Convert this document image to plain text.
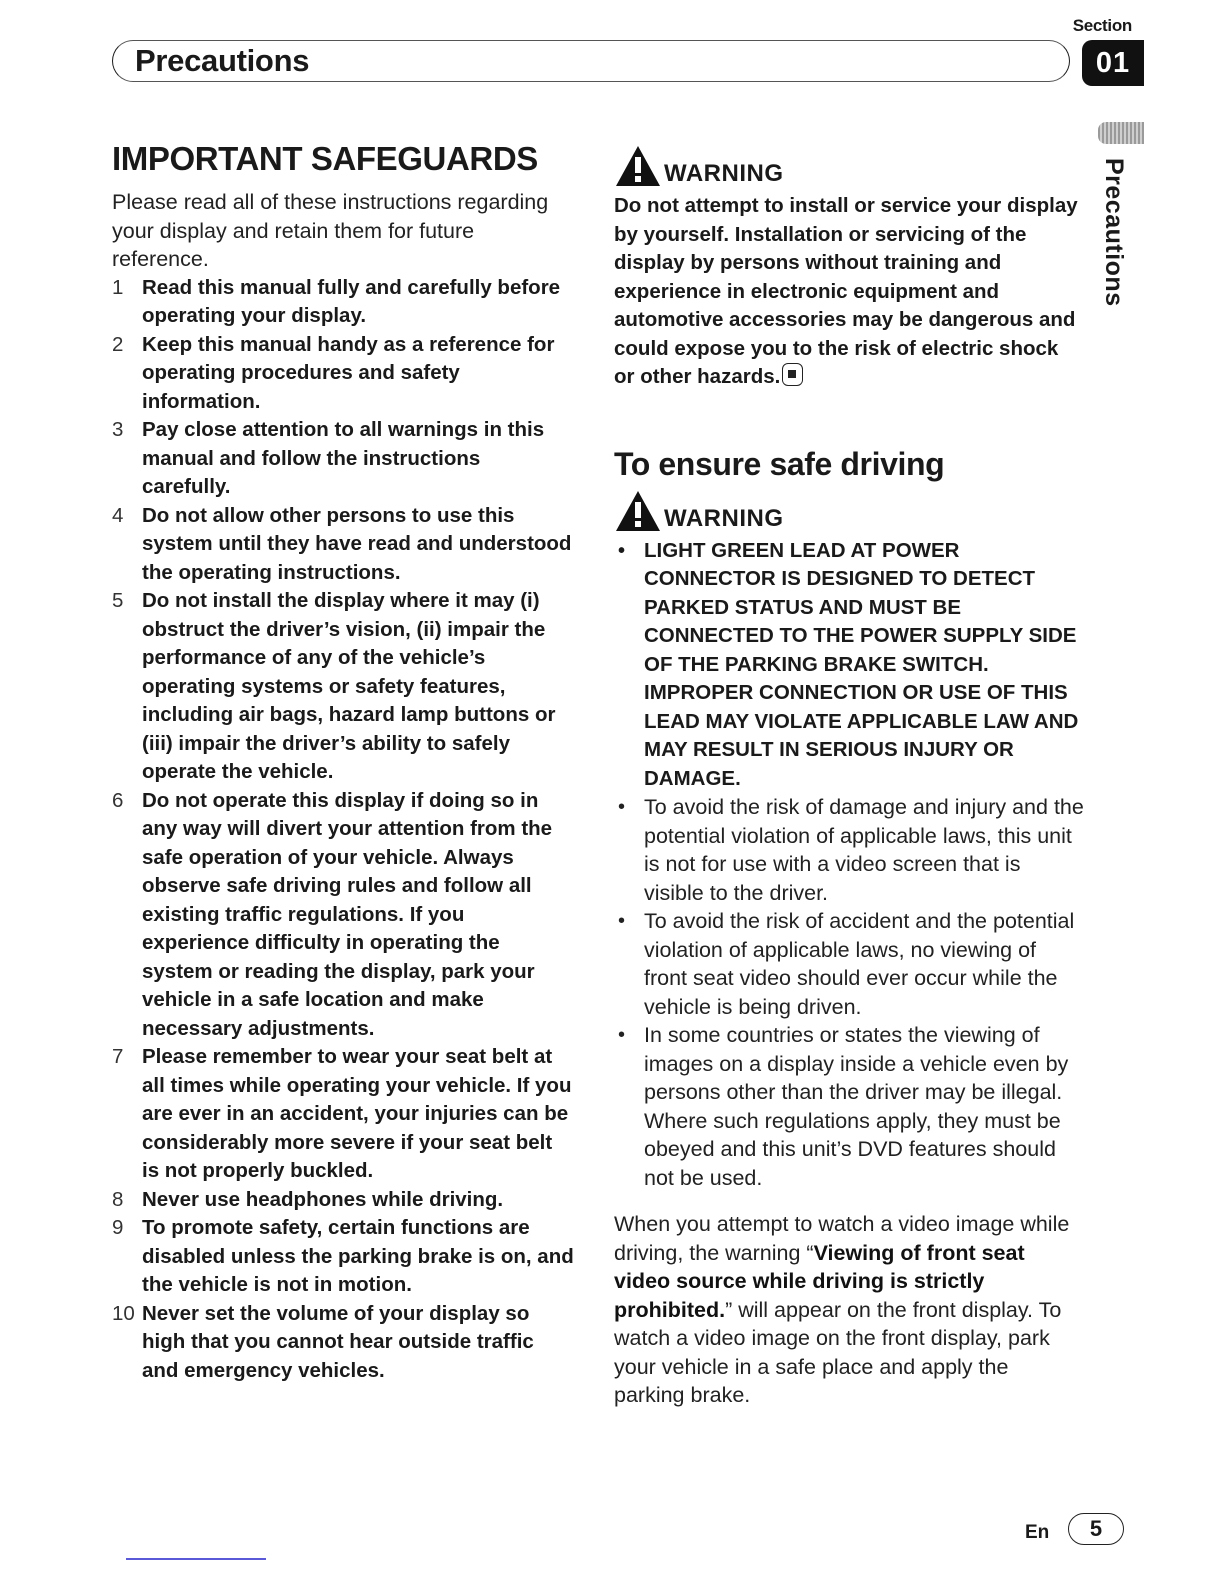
Section
Precautions	01
Precautions
IMPORTANT SAFEGUARDS

Please read all of these instructions regarding your display and retain them for future reference.

1 Read this manual fully and carefully before operating your display.
2 Keep this manual handy as a reference for operating procedures and safety information.
3 Pay close attention to all warnings in this manual and follow the instructions carefully.
4 Do not allow other persons to use this system until they have read and understood the operating instructions.
5 Do not install the display where it may (i) obstruct the driver’s vision, (ii) impair the performance of any of the vehicle’s operating systems or safety features, including air bags, hazard lamp buttons or (iii) impair the driver’s ability to safely operate the vehicle.
6 Do not operate this display if doing so in any way will divert your attention from the safe operation of your vehicle. Always observe safe driving rules and follow all existing traffic regulations. If you experience difficulty in operating the system or reading the display, park your vehicle in a safe location and make necessary adjustments.
7 Please remember to wear your seat belt at all times while operating your vehicle. If you are ever in an accident, your injuries can be considerably more severe if your seat belt is not properly buckled.
8 Never use headphones while driving.
9 To promote safety, certain functions are disabled unless the parking brake is on, and the vehicle is not in motion.
10 Never set the volume of your display so high that you cannot hear outside traffic and emergency vehicles.
WARNING

Do not attempt to install or service your display by yourself. Installation or servicing of the display by persons without training and experience in electronic equipment and automotive accessories may be dangerous and could expose you to the risk of electric shock or other hazards.

To ensure safe driving
WARNING
• LIGHT GREEN LEAD AT POWER CONNECTOR IS DESIGNED TO DETECT PARKED STATUS AND MUST BE CONNECTED TO THE POWER SUPPLY SIDE OF THE PARKING BRAKE SWITCH. IMPROPER CONNECTION OR USE OF THIS LEAD MAY VIOLATE APPLICABLE LAW AND MAY RESULT IN SERIOUS INJURY OR DAMAGE.
• To avoid the risk of damage and injury and the potential violation of applicable laws, this unit is not for use with a video screen that is visible to the driver.
• To avoid the risk of accident and the potential violation of applicable laws, no viewing of front seat video should ever occur while the vehicle is being driven.
• In some countries or states the viewing of images on a display inside a vehicle even by persons other than the driver may be illegal. Where such regulations apply, they must be obeyed and this unit’s DVD features should not be used.

When you attempt to watch a video image while driving, the warning “Viewing of front seat video source while driving is strictly prohibited.” will appear on the front display. To watch a video image on the front display, park your vehicle in a safe place and apply the parking brake.

En	5
